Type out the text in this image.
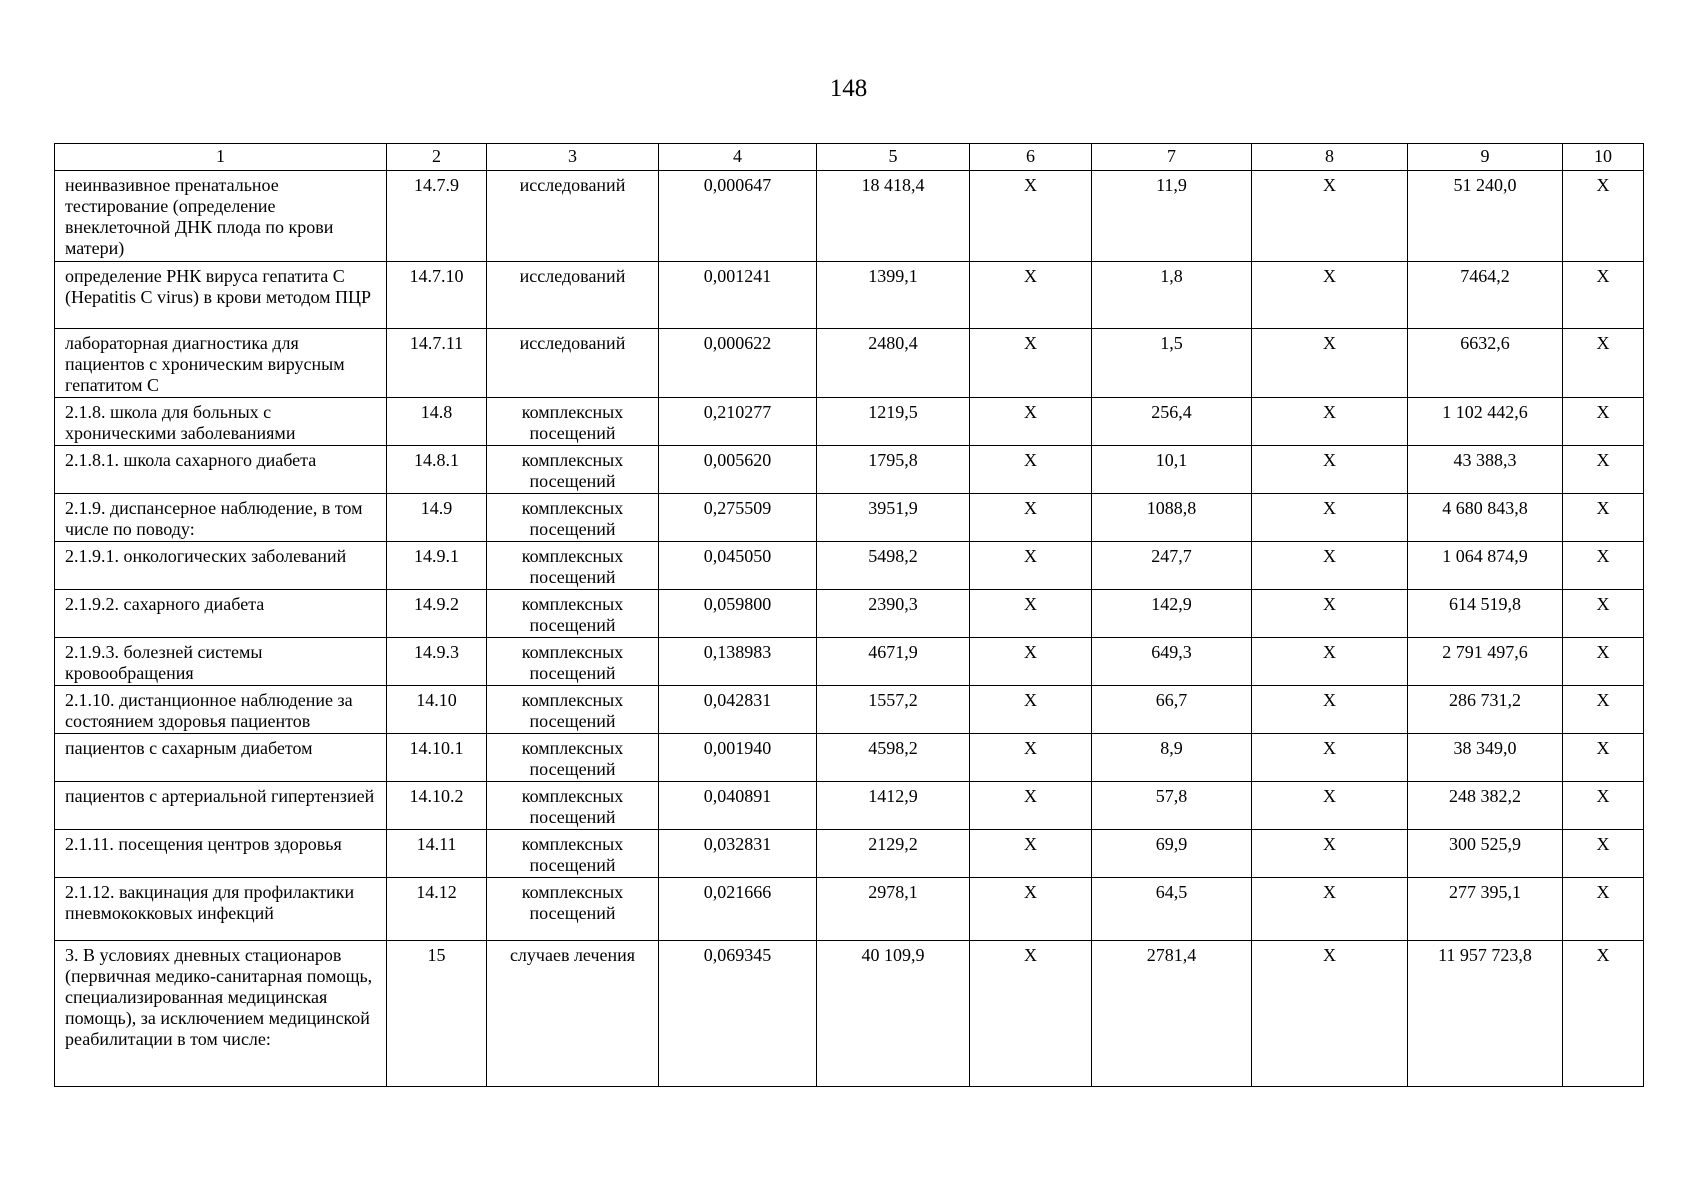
148
1	2	3	4	5	6	7	8	9	10
неинвазивное пренатальное тестирование (определение внеклеточной ДНК плода по крови матери)	14.7.9	исследований	0,000647	18 418,4	Х	11,9	Х	51 240,0	Х
определение РНК вируса гепатита С (Hepatitis C virus) в крови методом ПЦР	14.7.10	исследований	0,001241	1399,1	Х	1,8	Х	7464,2	Х
лабораторная диагностика для пациентов с хроническим вирусным гепатитом С	14.7.11	исследований	0,000622	2480,4	Х	1,5	Х	6632,6	Х
2.1.8. школа для больных с хроническими заболеваниями	14.8	комплексных посещений	0,210277	1219,5	Х	256,4	Х	1 102 442,6	Х
2.1.8.1. школа сахарного диабета	14.8.1	комплексных посещений	0,005620	1795,8	Х	10,1	Х	43 388,3	Х
2.1.9. диспансерное наблюдение, в том числе по поводу:	14.9	комплексных посещений	0,275509	3951,9	Х	1088,8	Х	4 680 843,8	Х
2.1.9.1. онкологических заболеваний	14.9.1	комплексных посещений	0,045050	5498,2	Х	247,7	Х	1 064 874,9	Х
2.1.9.2. сахарного диабета	14.9.2	комплексных посещений	0,059800	2390,3	Х	142,9	Х	614 519,8	Х
2.1.9.3. болезней системы кровообращения	14.9.3	комплексных посещений	0,138983	4671,9	Х	649,3	Х	2 791 497,6	Х
2.1.10. дистанционное наблюдение за состоянием здоровья пациентов	14.10	комплексных посещений	0,042831	1557,2	Х	66,7	Х	286 731,2	Х
пациентов с сахарным диабетом	14.10.1	комплексных посещений	0,001940	4598,2	Х	8,9	Х	38 349,0	Х
пациентов с артериальной гипертензией	14.10.2	комплексных посещений	0,040891	1412,9	Х	57,8	Х	248 382,2	Х
2.1.11. посещения центров здоровья	14.11	комплексных посещений	0,032831	2129,2	Х	69,9	Х	300 525,9	Х
2.1.12. вакцинация для профилактики пневмококковых инфекций	14.12	комплексных посещений	0,021666	2978,1	Х	64,5	Х	277 395,1	Х
3. В условиях дневных стационаров (первичная медико-санитарная помощь, специализированная медицинская помощь), за исключением медицинской реабилитации в том числе:	15	случаев лечения	0,069345	40 109,9	Х	2781,4	Х	11 957 723,8	Х
